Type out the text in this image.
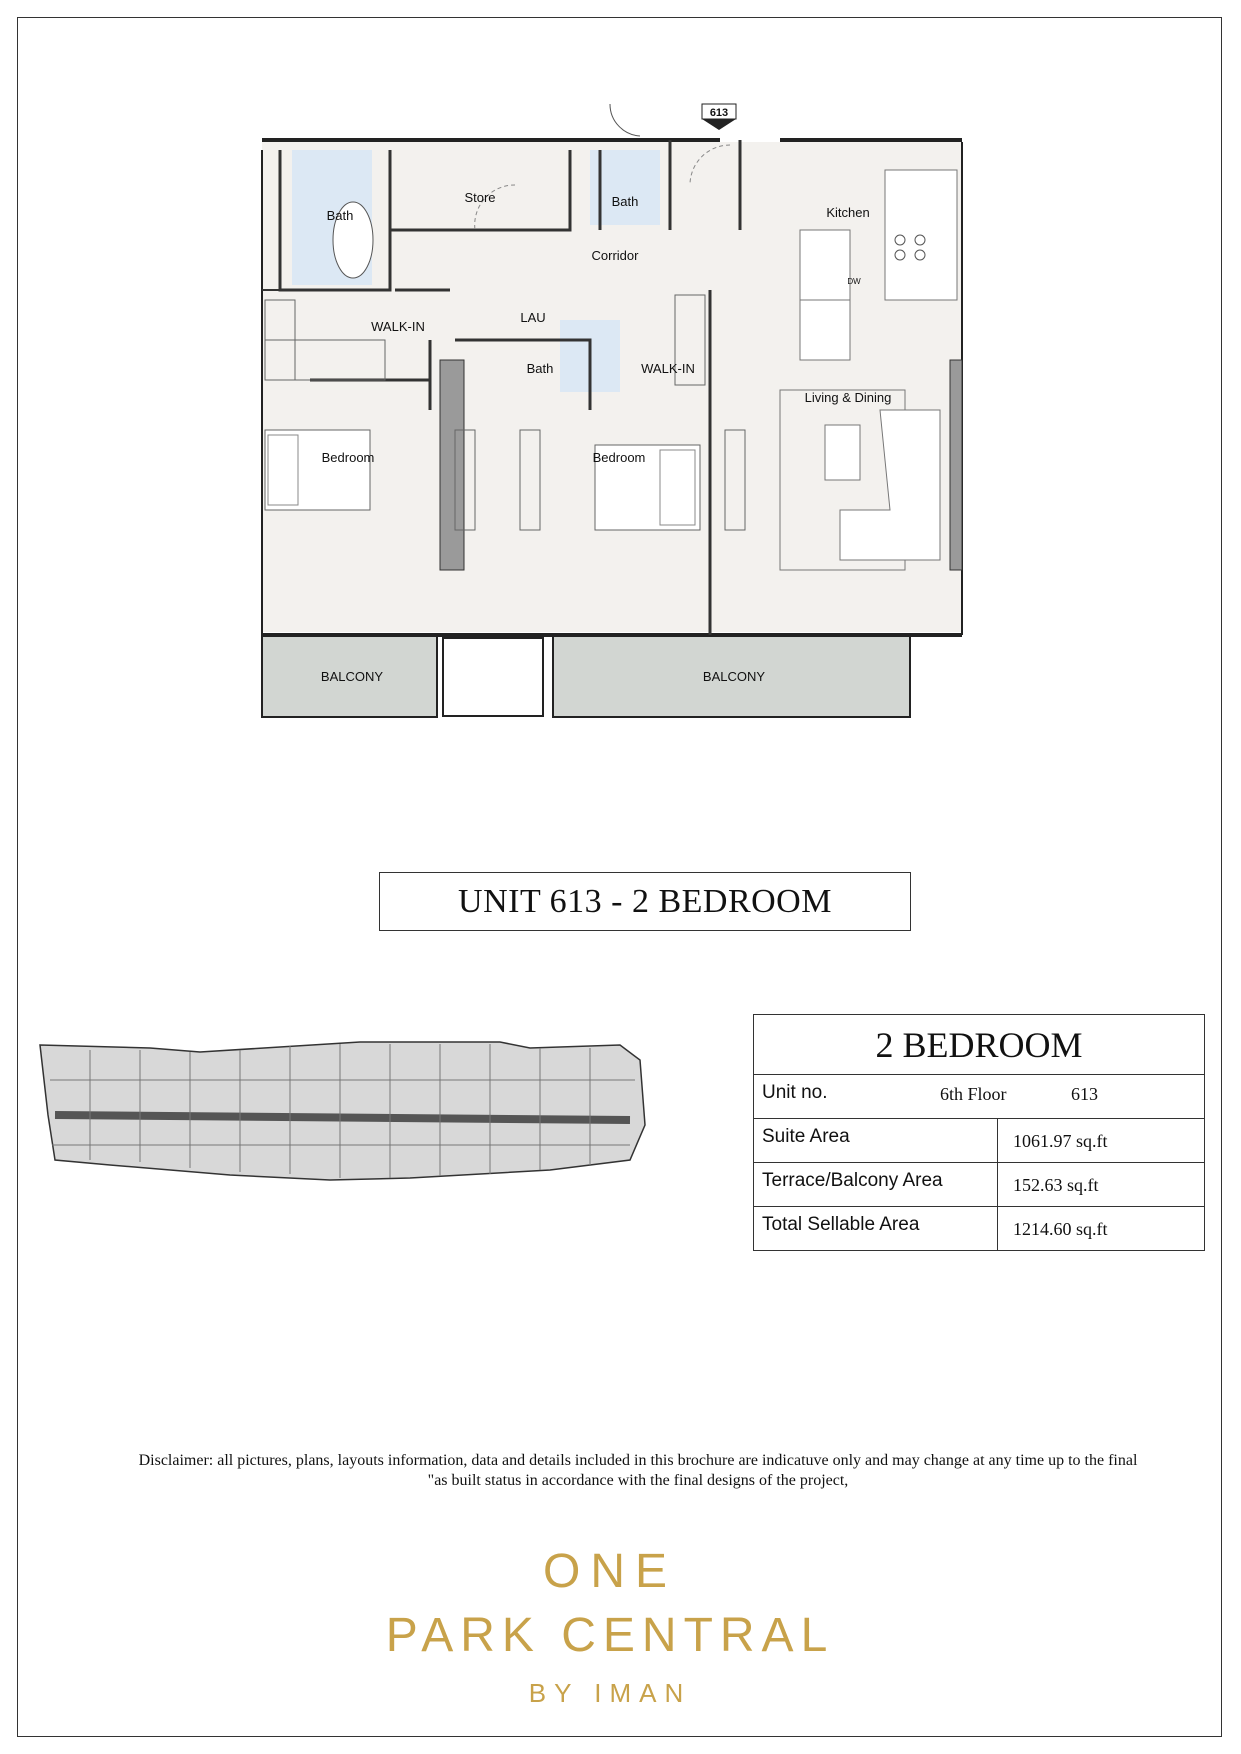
613
Store
Bath
Bath
Corridor
Kitchen
DW
WALK-IN
LAU
Bath	WALK-IN
Living & Dining
Bedroom	Bedroom
BALCONY	BALCONY
UNIT 613 - 2 BEDROOM
2 BEDROOM
Unit no.	6th Floor	613
Suite Area	1061.97 sq.ft
Terrace/Balcony Area	152.63 sq.ft
Total Sellable Area	1214.60 sq.ft
Disclaimer: all pictures, plans, layouts information, data and details included in this brochure are indicatuve only and may change at any time up to the final
"as built status in accordance with the final designs of the project,
ONE
PARK CENTRAL
BY IMAN
